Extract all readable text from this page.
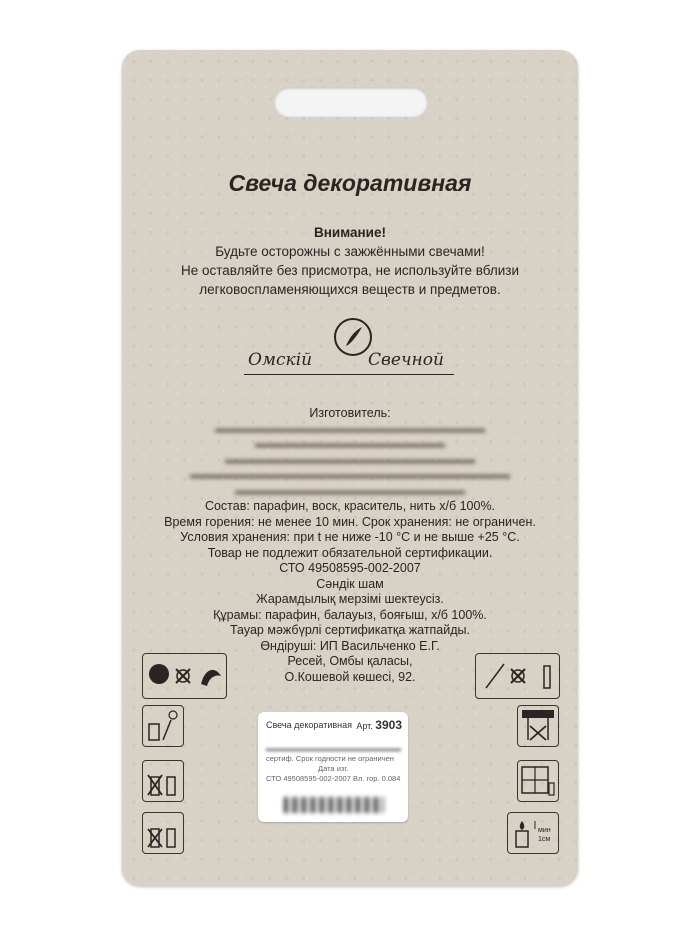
Свеча декоративная
Внимание!
Будьте осторожны с зажжёнными свечами!
Не оставляйте без присмотра, не используйте вблизи
легковоспламеняющихся веществ и предметов.
Омскій	Свечной
Изготовитель:
▬▬▬▬▬▬▬▬▬▬▬▬▬▬▬▬▬▬▬▬▬▬▬▬▬▬▬
▬▬▬▬▬▬▬▬▬▬▬▬▬▬▬▬▬▬▬
▬▬▬▬▬▬▬▬▬▬▬▬▬▬▬▬▬▬▬▬▬▬▬▬▬
▬▬▬▬▬▬▬▬▬▬▬▬▬▬▬▬▬▬▬▬▬▬▬▬▬▬▬▬▬▬▬▬
▬▬▬▬▬▬▬▬▬▬▬▬▬▬▬▬▬▬▬▬▬▬▬
Состав: парафин, воск, краситель, нить х/б 100%.
Время горения: не менее 10 мин. Срок хранения: не ограничен.
Условия хранения: при t не ниже -10 °С и не выше +25 °С.
Товар не подлежит обязательной сертификации.
СТО 49508595-002-2007
Сәндік шам
Жарамдылық мерзімі шектеусіз.
Құрамы: парафин, балауыз, бояғыш, х/б 100%.
Тауар мәжбүрлі сертификатқа жатпайды.
Өндіруші: ИП Васильченко Е.Г.
Ресей, Омбы қаласы,
О.Кошевой көшесі, 92.
мин
1см
Свеча декоративная Арт. 3903
▬▬▬▬▬▬▬▬▬▬▬▬▬▬▬▬▬▬
сертиф. Срок годности не ограничен
Дата изг.
СТО 49508595-002-2007 Вл. гор. 0.084
